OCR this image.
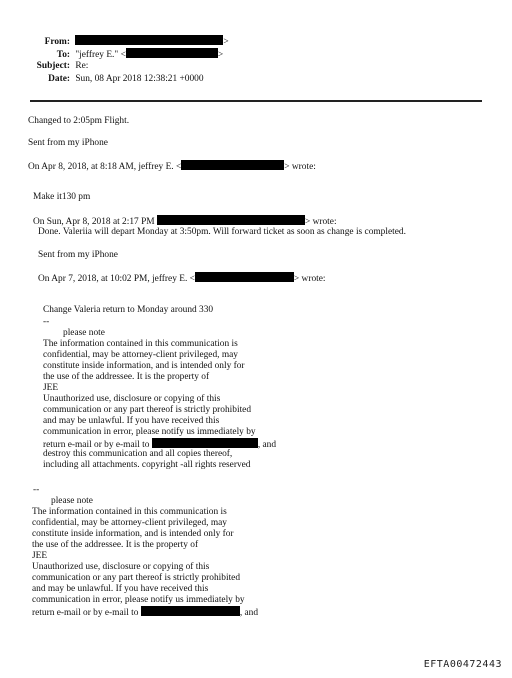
From:	>
To: "jeffrey E." <	>
Subject: Re:
Date: Sun, 08 Apr 2018 12:38:21 +0000
Changed to 2:05pm Flight.
Sent from my iPhone
On Apr 8, 2018, at 8:18 AM, jeffrey E. <	> wrote:
Make it130 pm
On Sun, Apr 8, 2018 at 2:17 PM	> wrote:
Done. Valeriia will depart Monday at 3:50pm. Will forward ticket as soon as change is completed.
Sent from my iPhone
On Apr 7, 2018, at 10:02 PM, jeffrey E. <	> wrote:
Change Valeria return to Monday around 330
--
please note
The information contained in this communication is
confidential, may be attorney-client privileged, may
constitute inside information, and is intended only for
the use of the addressee. It is the property of
JEE
Unauthorized use, disclosure or copying of this
communication or any part thereof is strictly prohibited
and may be unlawful. If you have received this
communication in error, please notify us immediately by
return e-mail or by e-mail to	, and
destroy this communication and all copies thereof,
including all attachments. copyright -all rights reserved
--
please note
The information contained in this communication is
confidential, may be attorney-client privileged, may
constitute inside information, and is intended only for
the use of the addressee. It is the property of
JEE
Unauthorized use, disclosure or copying of this
communication or any part thereof is strictly prohibited
and may be unlawful. If you have received this
communication in error, please notify us immediately by
return e-mail or by e-mail to	, and
EFTA00472443
